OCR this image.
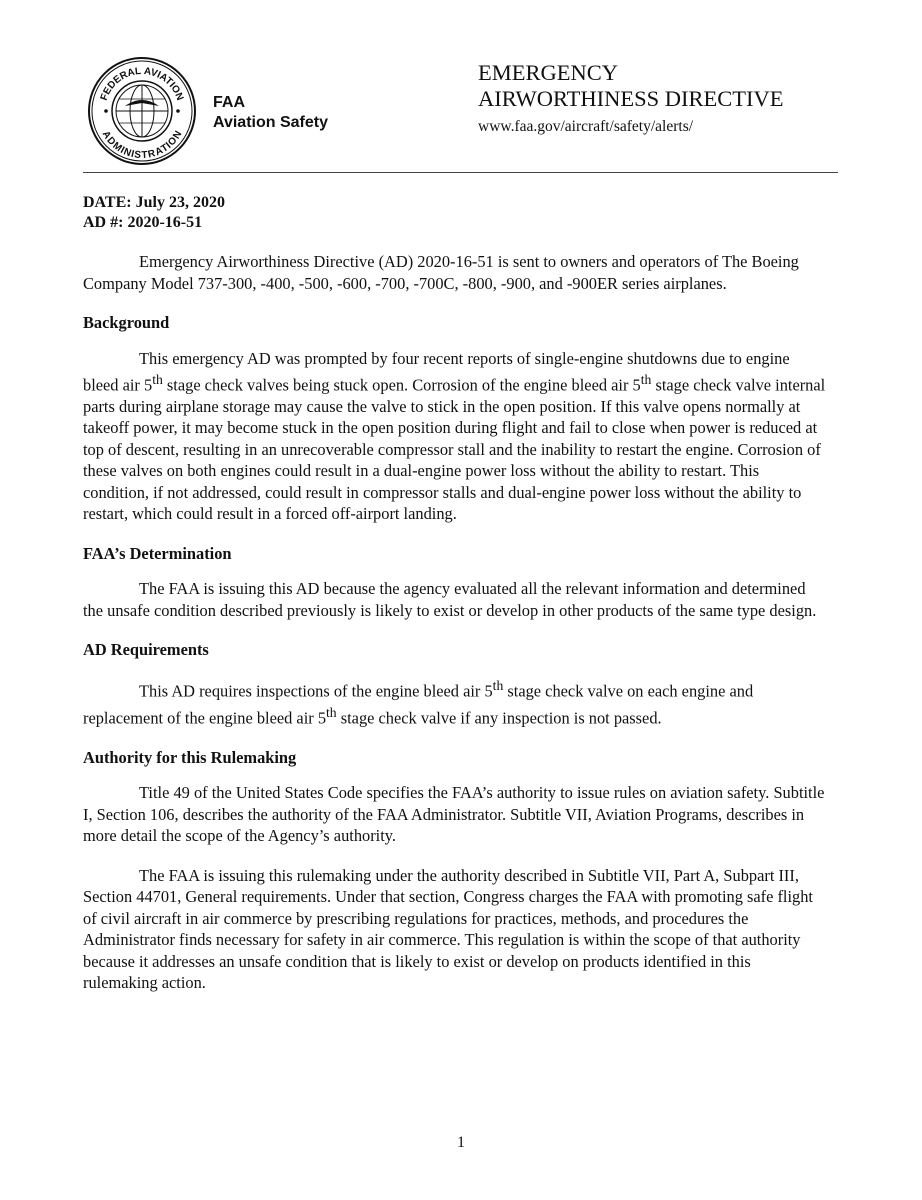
FEDERAL AVIATION
ADMINISTRATION
FAA
Aviation Safety
EMERGENCY
AIRWORTHINESS DIRECTIVE
www.faa.gov/aircraft/safety/alerts/
DATE: July 23, 2020
AD #: 2020-16-51

Emergency Airworthiness Directive (AD) 2020-16-51 is sent to owners and operators of The Boeing Company Model 737-300, -400, -500, -600, -700, -700C, -800, -900, and -900ER series airplanes.

Background

This emergency AD was prompted by four recent reports of single-engine shutdowns due to engine bleed air 5th stage check valves being stuck open. Corrosion of the engine bleed air 5th stage check valve internal parts during airplane storage may cause the valve to stick in the open position. If this valve opens normally at takeoff power, it may become stuck in the open position during flight and fail to close when power is reduced at top of descent, resulting in an unrecoverable compressor stall and the inability to restart the engine. Corrosion of these valves on both engines could result in a dual-engine power loss without the ability to restart. This condition, if not addressed, could result in compressor stalls and dual-engine power loss without the ability to restart, which could result in a forced off-airport landing.

FAA’s Determination

The FAA is issuing this AD because the agency evaluated all the relevant information and determined the unsafe condition described previously is likely to exist or develop in other products of the same type design.

AD Requirements

This AD requires inspections of the engine bleed air 5th stage check valve on each engine and replacement of the engine bleed air 5th stage check valve if any inspection is not passed.

Authority for this Rulemaking

Title 49 of the United States Code specifies the FAA’s authority to issue rules on aviation safety. Subtitle I, Section 106, describes the authority of the FAA Administrator. Subtitle VII, Aviation Programs, describes in more detail the scope of the Agency’s authority.

The FAA is issuing this rulemaking under the authority described in Subtitle VII, Part A, Subpart III, Section 44701, General requirements. Under that section, Congress charges the FAA with promoting safe flight of civil aircraft in air commerce by prescribing regulations for practices, methods, and procedures the Administrator finds necessary for safety in air commerce. This regulation is within the scope of that authority because it addresses an unsafe condition that is likely to exist or develop on products identified in this rulemaking action.

1
